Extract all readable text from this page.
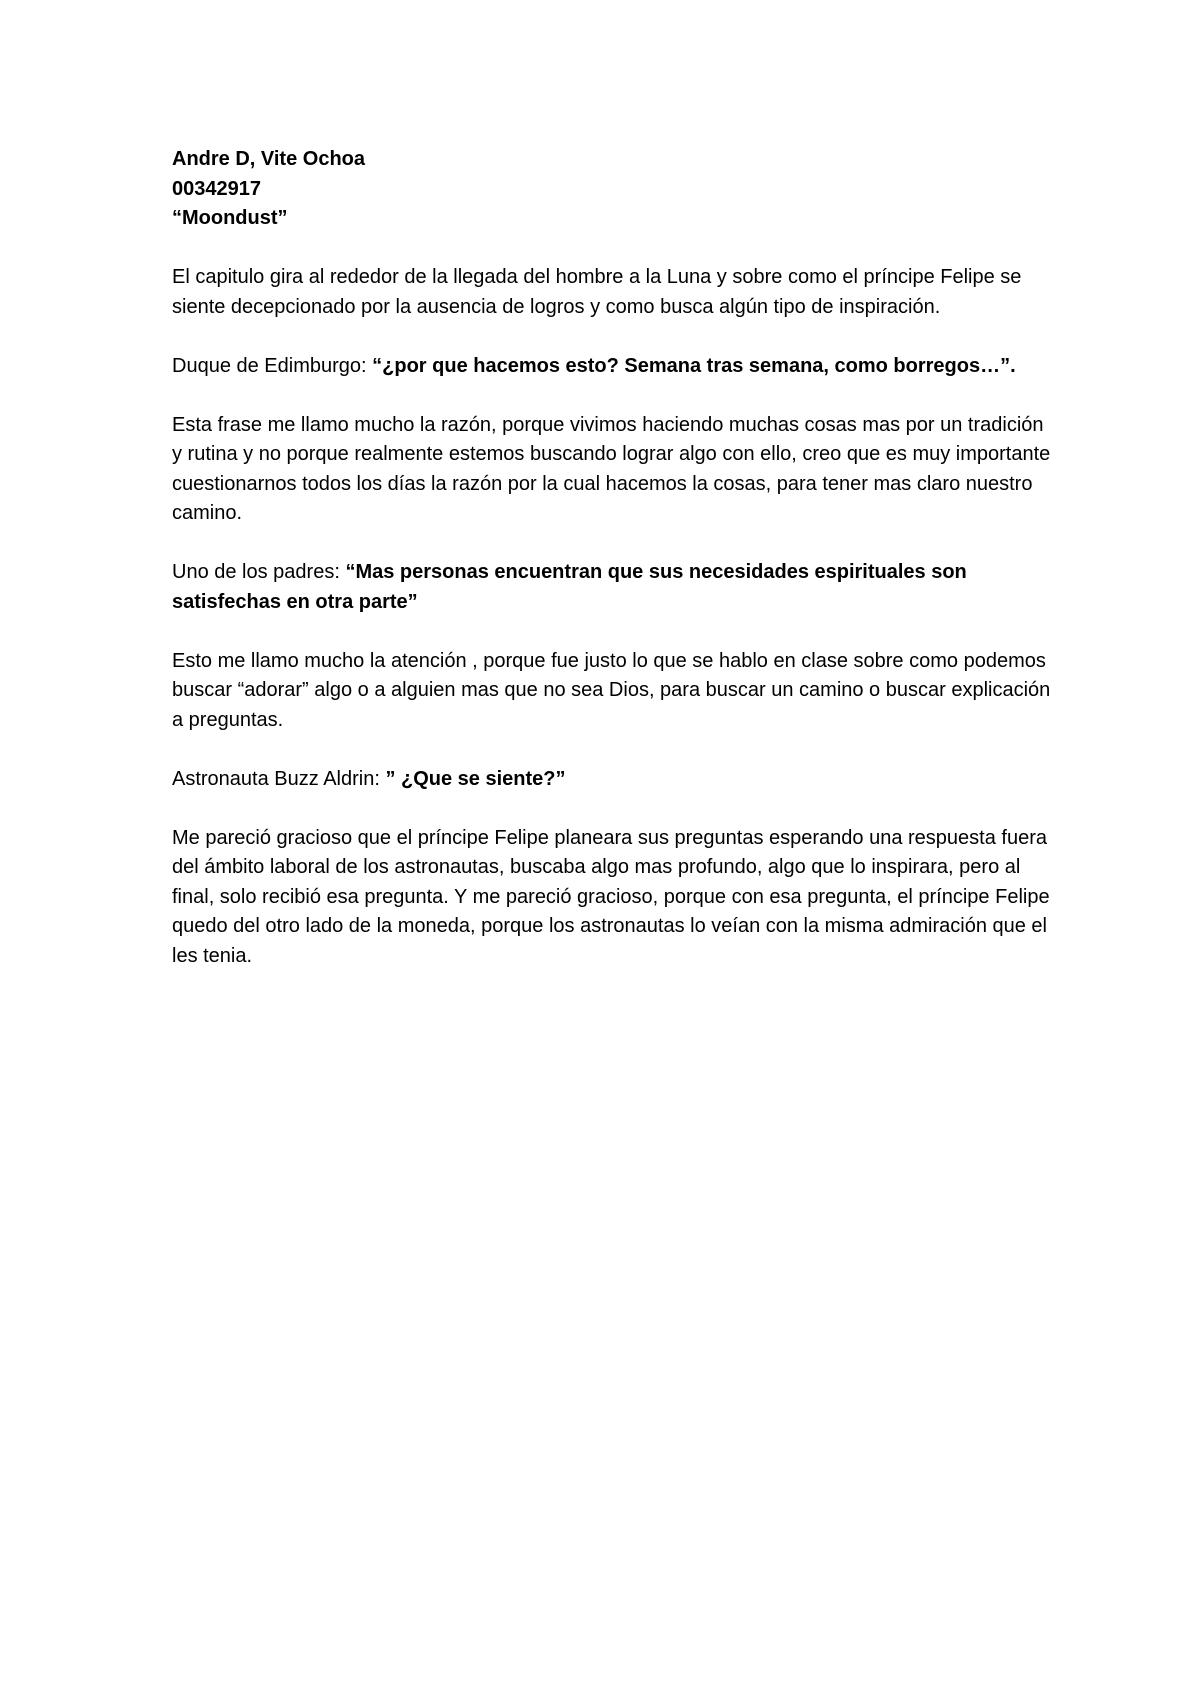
Andre D, Vite Ochoa

00342917

“Moondust”

El capitulo gira al rededor de la llegada del hombre a la Luna y sobre como el príncipe Felipe se siente decepcionado por la ausencia de logros y como busca algún tipo de inspiración.

Duque de Edimburgo: “¿por que hacemos esto? Semana tras semana, como borregos…”.

Esta frase me llamo mucho la razón, porque vivimos haciendo muchas cosas mas por un tradición y rutina y no porque realmente estemos buscando lograr algo con ello, creo que es muy importante cuestionarnos todos los días la razón por la cual hacemos la cosas, para tener mas claro nuestro camino.

Uno de los padres: “Mas personas encuentran que sus necesidades espirituales son satisfechas en otra parte”

Esto me llamo mucho la atención , porque fue justo lo que se hablo en clase sobre como podemos buscar “adorar” algo o a alguien mas que no sea Dios, para buscar un camino o buscar explicación a preguntas.

Astronauta Buzz Aldrin: ” ¿Que se siente?”

Me pareció gracioso que el príncipe Felipe planeara sus preguntas esperando una respuesta fuera del ámbito laboral de los astronautas, buscaba algo mas profundo, algo que lo inspirara, pero al final, solo recibió esa pregunta. Y me pareció gracioso, porque con esa pregunta, el príncipe Felipe quedo del otro lado de la moneda, porque los astronautas lo veían con la misma admiración que el les tenia.
